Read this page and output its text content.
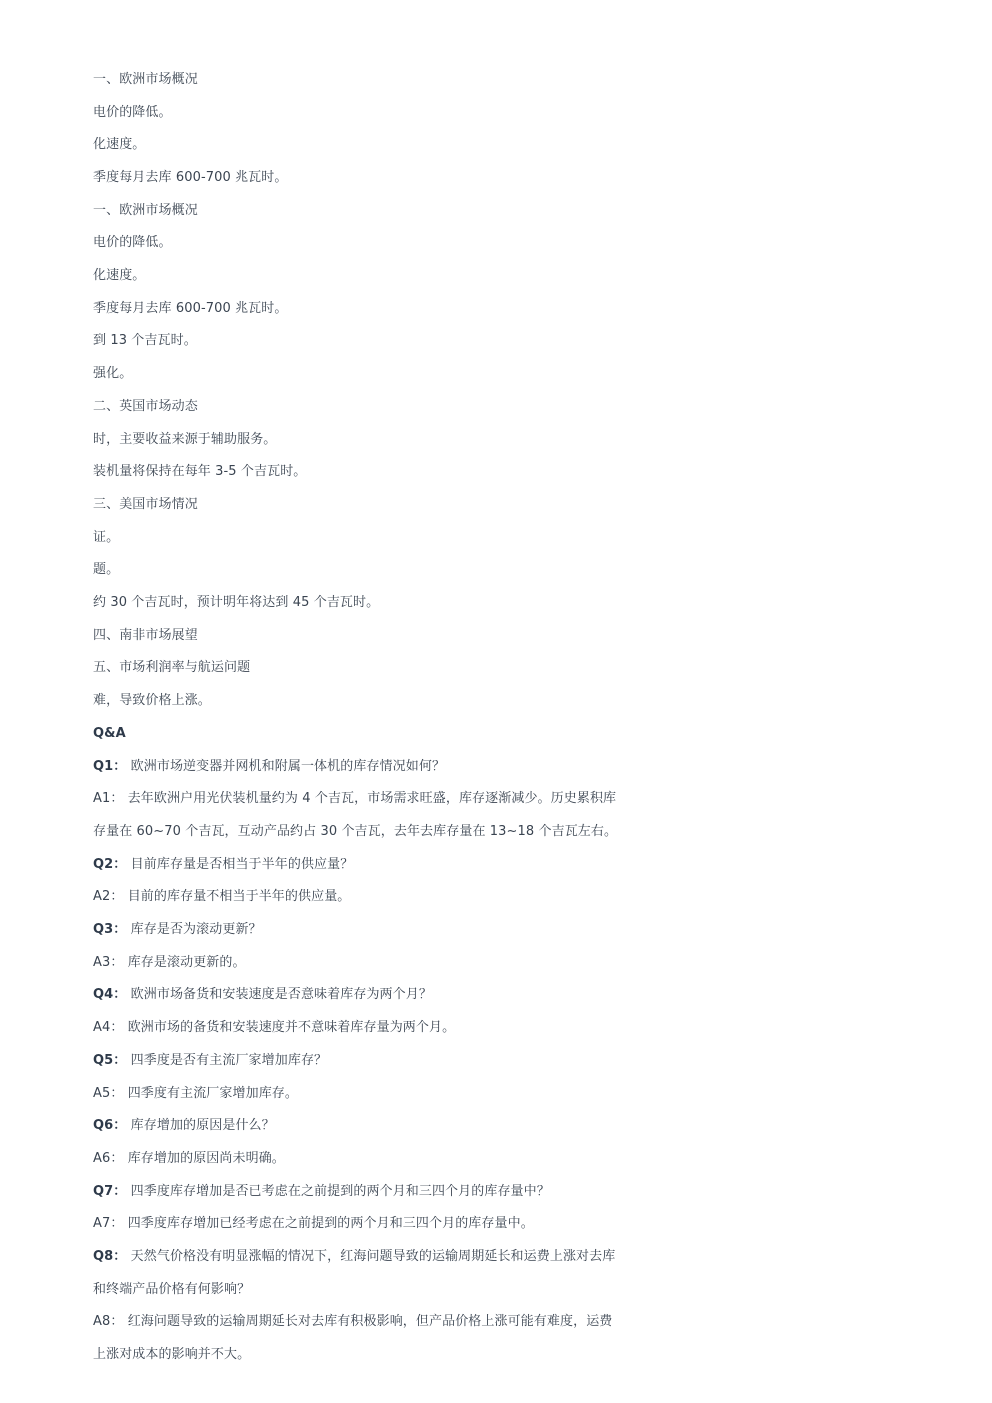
一、欧洲市场概况
电价的降低。
化速度。
季度每月去库 600-700 兆瓦时。
一、欧洲市场概况
电价的降低。
化速度。
季度每月去库 600-700 兆瓦时。
到 13 个吉瓦时。
强化。
二、英国市场动态
时，主要收益来源于辅助服务。
装机量将保持在每年 3-5 个吉瓦时。
三、美国市场情况
证。
题。
约 30 个吉瓦时，预计明年将达到 45 个吉瓦时。
四、南非市场展望
五、市场利润率与航运问题
难，导致价格上涨。
Q&A
Q1： 欧洲市场逆变器并网机和附属一体机的库存情况如何？
A1： 去年欧洲户用光伏装机量约为 4 个吉瓦，市场需求旺盛，库存逐渐减少。历史累积库
存量在 60~70 个吉瓦，互动产品约占 30 个吉瓦，去年去库存量在 13~18 个吉瓦左右。
Q2： 目前库存量是否相当于半年的供应量？
A2： 目前的库存量不相当于半年的供应量。
Q3： 库存是否为滚动更新？
A3： 库存是滚动更新的。
Q4： 欧洲市场备货和安装速度是否意味着库存为两个月？
A4： 欧洲市场的备货和安装速度并不意味着库存量为两个月。
Q5： 四季度是否有主流厂家增加库存？
A5： 四季度有主流厂家增加库存。
Q6： 库存增加的原因是什么？
A6： 库存增加的原因尚未明确。
Q7： 四季度库存增加是否已考虑在之前提到的两个月和三四个月的库存量中？
A7： 四季度库存增加已经考虑在之前提到的两个月和三四个月的库存量中。
Q8： 天然气价格没有明显涨幅的情况下，红海问题导致的运输周期延长和运费上涨对去库
和终端产品价格有何影响？
A8： 红海问题导致的运输周期延长对去库有积极影响，但产品价格上涨可能有难度，运费
上涨对成本的影响并不大。
